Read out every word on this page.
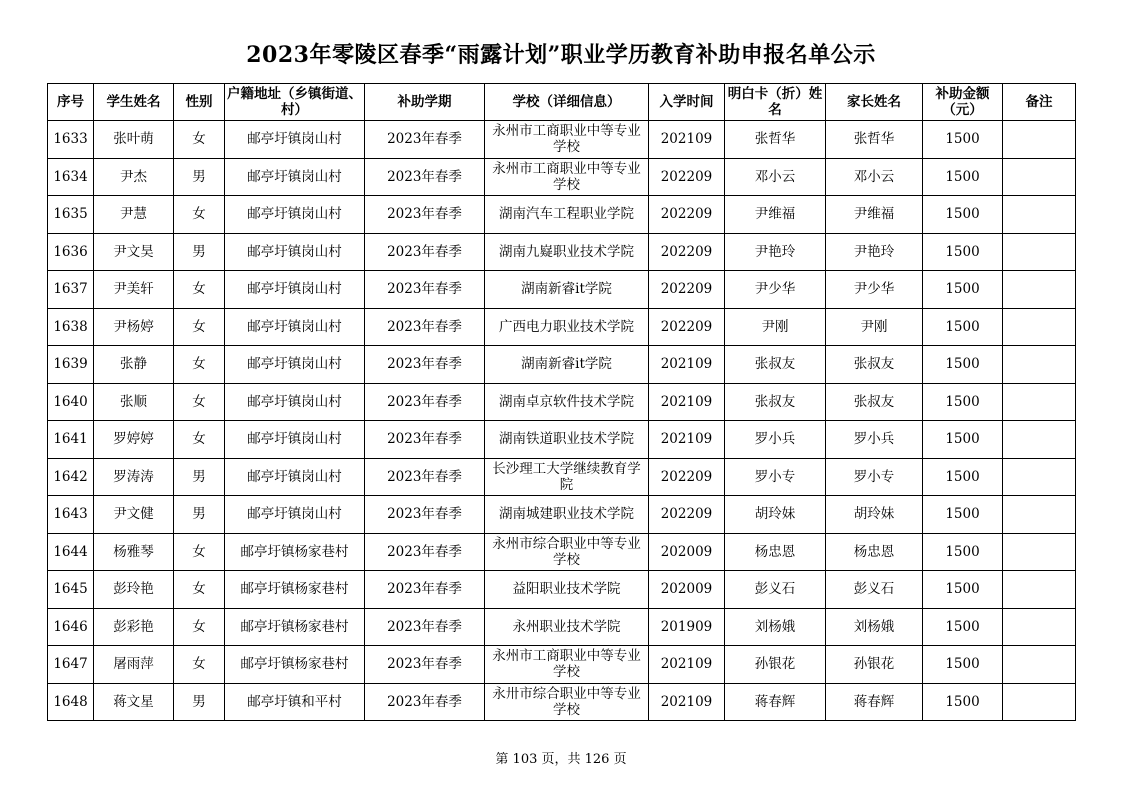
2023年零陵区春季“雨露计划”职业学历教育补助申报名单公示
序号	学生姓名	性别	户籍地址（乡镇街道、村）	补助学期	学校（详细信息）	入学时间	明白卡（折）姓名	家长姓名	补助金额（元）	备注
1633	张叶萌	女	邮亭圩镇岗山村	2023年春季	永州市工商职业中等专业学校	202109	张哲华	张哲华	1500	
1634	尹杰	男	邮亭圩镇岗山村	2023年春季	永州市工商职业中等专业学校	202209	邓小云	邓小云	1500	
1635	尹慧	女	邮亭圩镇岗山村	2023年春季	湖南汽车工程职业学院	202209	尹维福	尹维福	1500	
1636	尹文昊	男	邮亭圩镇岗山村	2023年春季	湖南九嶷职业技术学院	202209	尹艳玲	尹艳玲	1500	
1637	尹美轩	女	邮亭圩镇岗山村	2023年春季	湖南新睿it学院	202209	尹少华	尹少华	1500	
1638	尹杨婷	女	邮亭圩镇岗山村	2023年春季	广西电力职业技术学院	202209	尹刚	尹刚	1500	
1639	张静	女	邮亭圩镇岗山村	2023年春季	湖南新睿it学院	202109	张叔友	张叔友	1500	
1640	张顺	女	邮亭圩镇岗山村	2023年春季	湖南卓京软件技术学院	202109	张叔友	张叔友	1500	
1641	罗婷婷	女	邮亭圩镇岗山村	2023年春季	湖南铁道职业技术学院	202109	罗小兵	罗小兵	1500	
1642	罗涛涛	男	邮亭圩镇岗山村	2023年春季	长沙理工大学继续教育学院	202209	罗小专	罗小专	1500	
1643	尹文健	男	邮亭圩镇岗山村	2023年春季	湖南城建职业技术学院	202209	胡玲妹	胡玲妹	1500	
1644	杨雅琴	女	邮亭圩镇杨家巷村	2023年春季	永州市综合职业中等专业学校	202009	杨忠恩	杨忠恩	1500	
1645	彭玲艳	女	邮亭圩镇杨家巷村	2023年春季	益阳职业技术学院	202009	彭义石	彭义石	1500	
1646	彭彩艳	女	邮亭圩镇杨家巷村	2023年春季	永州职业技术学院	201909	刘杨娥	刘杨娥	1500	
1647	屠雨萍	女	邮亭圩镇杨家巷村	2023年春季	永州市工商职业中等专业学校	202109	孙银花	孙银花	1500	
1648	蒋文星	男	邮亭圩镇和平村	2023年春季	永卅市综合职业中等专业学校	202109	蒋春辉	蒋春辉	1500	
第 103 页，共 126 页
